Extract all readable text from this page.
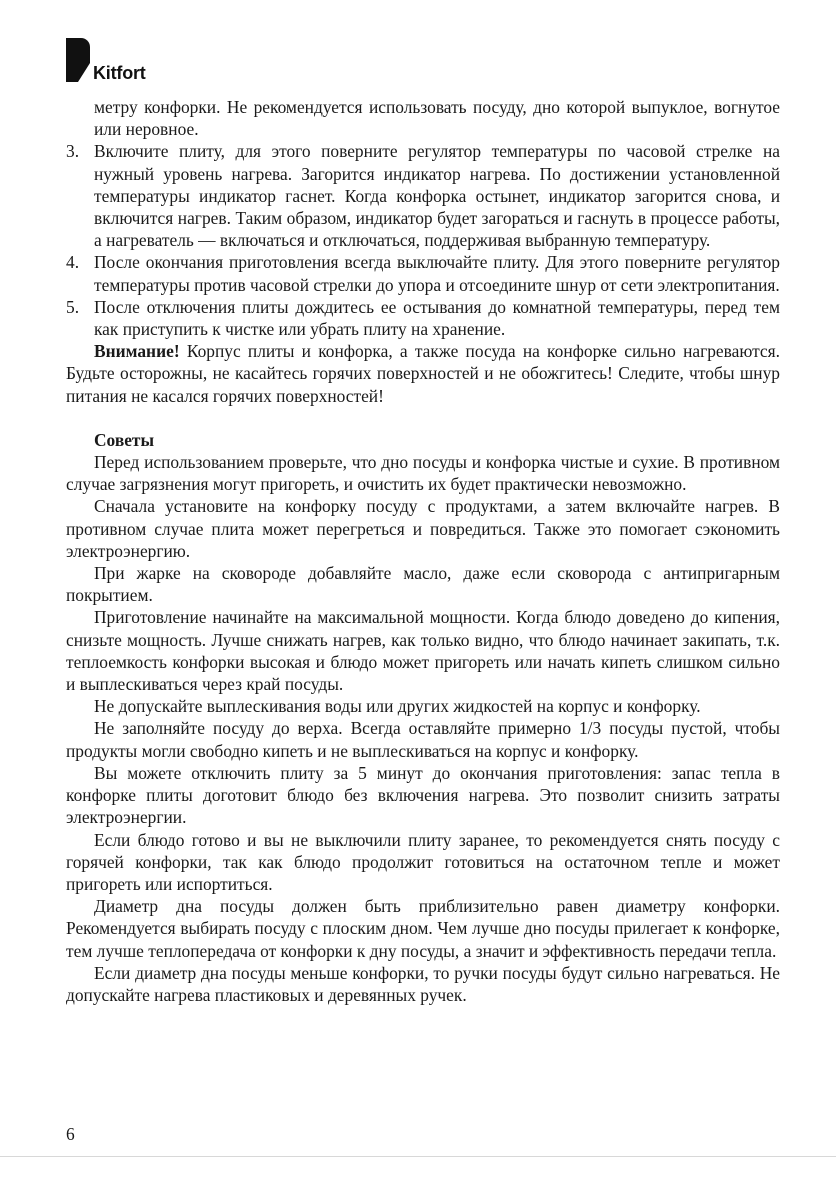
Kitfort

метру конфорки. Не рекомендуется использовать посуду, дно которой выпуклое, вогнутое или неровное.

3. Включите плиту, для этого поверните регулятор температуры по часовой стрелке на нужный уровень нагрева. Загорится индикатор нагрева. По достижении установленной температуры индикатор гаснет. Когда конфорка остынет, индикатор загорится снова, и включится нагрев. Таким образом, индикатор будет загораться и гаснуть в процессе работы, а нагреватель — включаться и отключаться, поддерживая выбранную температуру.
4. После окончания приготовления всегда выключайте плиту. Для этого поверните регулятор температуры против часовой стрелки до упора и отсоедините шнур от сети электропитания.
5. После отключения плиты дождитесь ее остывания до комнатной температуры, перед тем как приступить к чистке или убрать плиту на хранение.

Внимание! Корпус плиты и конфорка, а также посуда на конфорке сильно нагреваются. Будьте осторожны, не касайтесь горячих поверхностей и не обожгитесь! Следите, чтобы шнур питания не касался горячих поверхностей!

Советы

Перед использованием проверьте, что дно посуды и конфорка чистые и сухие. В противном случае загрязнения могут пригореть, и очистить их будет практически невозможно.

Сначала установите на конфорку посуду с продуктами, а затем включайте нагрев. В противном случае плита может перегреться и повредиться. Также это помогает сэкономить электроэнергию.

При жарке на сковороде добавляйте масло, даже если сковорода с антипригарным покрытием.

Приготовление начинайте на максимальной мощности. Когда блюдо доведено до кипения, снизьте мощность. Лучше снижать нагрев, как только видно, что блюдо начинает закипать, т.к. теплоемкость конфорки высокая и блюдо может пригореть или начать кипеть слишком сильно и выплескиваться через край посуды.

Не допускайте выплескивания воды или других жидкостей на корпус и конфорку.

Не заполняйте посуду до верха. Всегда оставляйте примерно 1/3 посуды пустой, чтобы продукты могли свободно кипеть и не выплескиваться на корпус и конфорку.

Вы можете отключить плиту за 5 минут до окончания приготовления: запас тепла в конфорке плиты доготовит блюдо без включения нагрева. Это позволит снизить затраты электроэнергии.

Если блюдо готово и вы не выключили плиту заранее, то рекомендуется снять посуду с горячей конфорки, так как блюдо продолжит готовиться на остаточном тепле и может пригореть или испортиться.

Диаметр дна посуды должен быть приблизительно равен диаметру конфорки. Рекомендуется выбирать посуду с плоским дном. Чем лучше дно посуды прилегает к конфорке, тем лучше теплопередача от конфорки к дну посуды, а значит и эффективность передачи тепла.

Если диаметр дна посуды меньше конфорки, то ручки посуды будут сильно нагреваться. Не допускайте нагрева пластиковых и деревянных ручек.

6
